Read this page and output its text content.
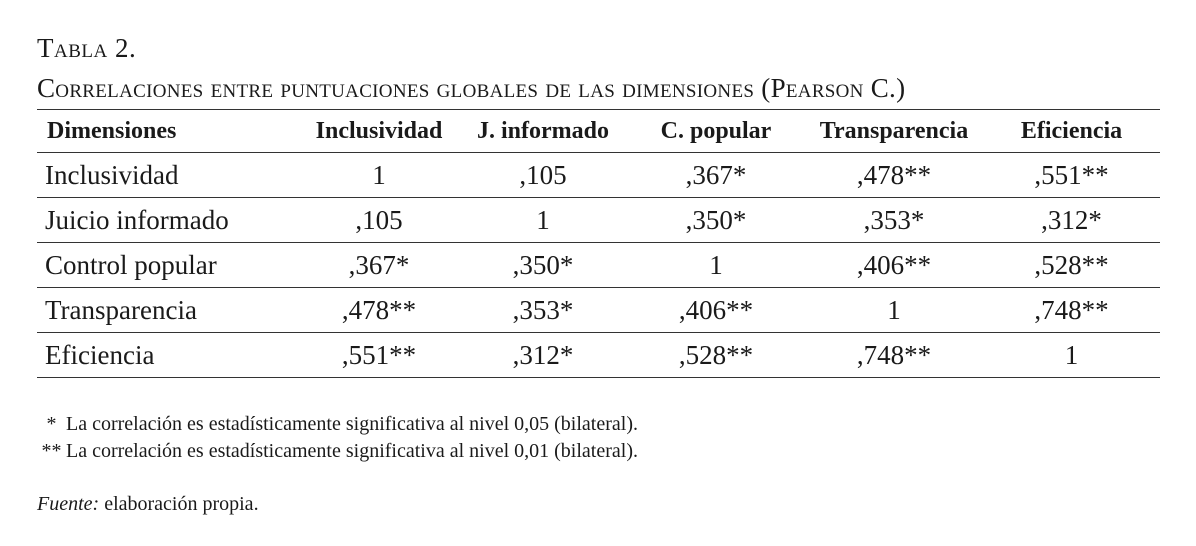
Tabla 2.
Correlaciones entre puntuaciones globales de las dimensiones (Pearson C.)
Dimensiones	Inclusividad	J. informado	C. popular	Transparencia	Eficiencia
Inclusividad	1	,105	,367*	,478**	,551**
Juicio informado	,105	1	,350*	,353*	,312*
Control popular	,367*	,350*	1	,406**	,528**
Transparencia	,478**	,353*	,406**	1	,748**
Eficiencia	,551**	,312*	,528**	,748**	1
* La correlación es estadísticamente significativa al nivel 0,05 (bilateral).
** La correlación es estadísticamente significativa al nivel 0,01 (bilateral).
Fuente: elaboración propia.
